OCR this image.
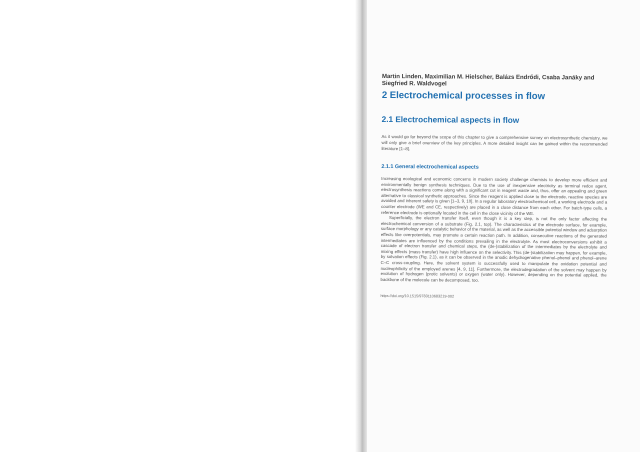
Martin Linden, Maximilian M. Hielscher, Balázs Endrődi, Csaba Janáky and Siegfried R. Waldvogel
2 Electrochemical processes in flow
2.1 Electrochemical aspects in flow
As it would go far beyond the scope of this chapter to give a comprehensive survey on electrosynthetic chemistry, we will only give a brief overview of the key principles. A more detailed insight can be gained within the recommended literature [1–8].
2.1.1 General electrochemical aspects

Increasing ecological and economic concerns in modern society challenge chemists to develop more efficient and environmentally benign synthesis techniques. Due to the use of inexpensive electricity as terminal redox agent, electrosynthesis reactions come along with a significant cut in reagent waste and, thus, offer an appealing and green alternative to classical synthetic approaches. Since the reagent is applied close to the electrode, reactive species are avoided and inherent safety is given [1–3, 9, 10]. In a regular laboratory electrochemical cell, a working electrode and a counter electrode (WE and CE, respectively) are placed in a close distance from each other. For batch-type cells, a reference electrode is optionally located in the cell in the close vicinity of the WE.

Superficially, the electron transfer itself, even though it is a key step, is not the only factor affecting the electrochemical conversion of a substrate (Fig. 2.1, top). The characteristics of the electrode surface, for example, surface morphology or any catalytic behavior of the material, as well as the accessible potential window and adsorption effects like overpotentials, may promote a certain reaction path. In addition, consecutive reactions of the generated intermediates are influenced by the conditions prevailing in the electrolyte. As most electroconversions exhibit a cascade of electron transfer and chemical steps, the (de-)stabilization of the intermediates by the electrolyte and mixing effects (mass transfer) have high influence on the selectivity. This (de-)stabilization may happen, for example, by solvation effects (Fig. 2.1), as it can be observed in the anodic dehydrogenative phenol–phenol and phenol–arene C–C cross-coupling. Here, the solvent system is successfully used to manipulate the oxidation potential and nucleophilicity of the employed arenes [4, 9, 11]. Furthermore, the electrodegradation of the solvent may happen by evolution of hydrogen (protic solvents) or oxygen (water only). However, depending on the potential applied, the backbone of the molecule can be decomposed, too.

https://doi.org/10.1515/9783110683219-002
